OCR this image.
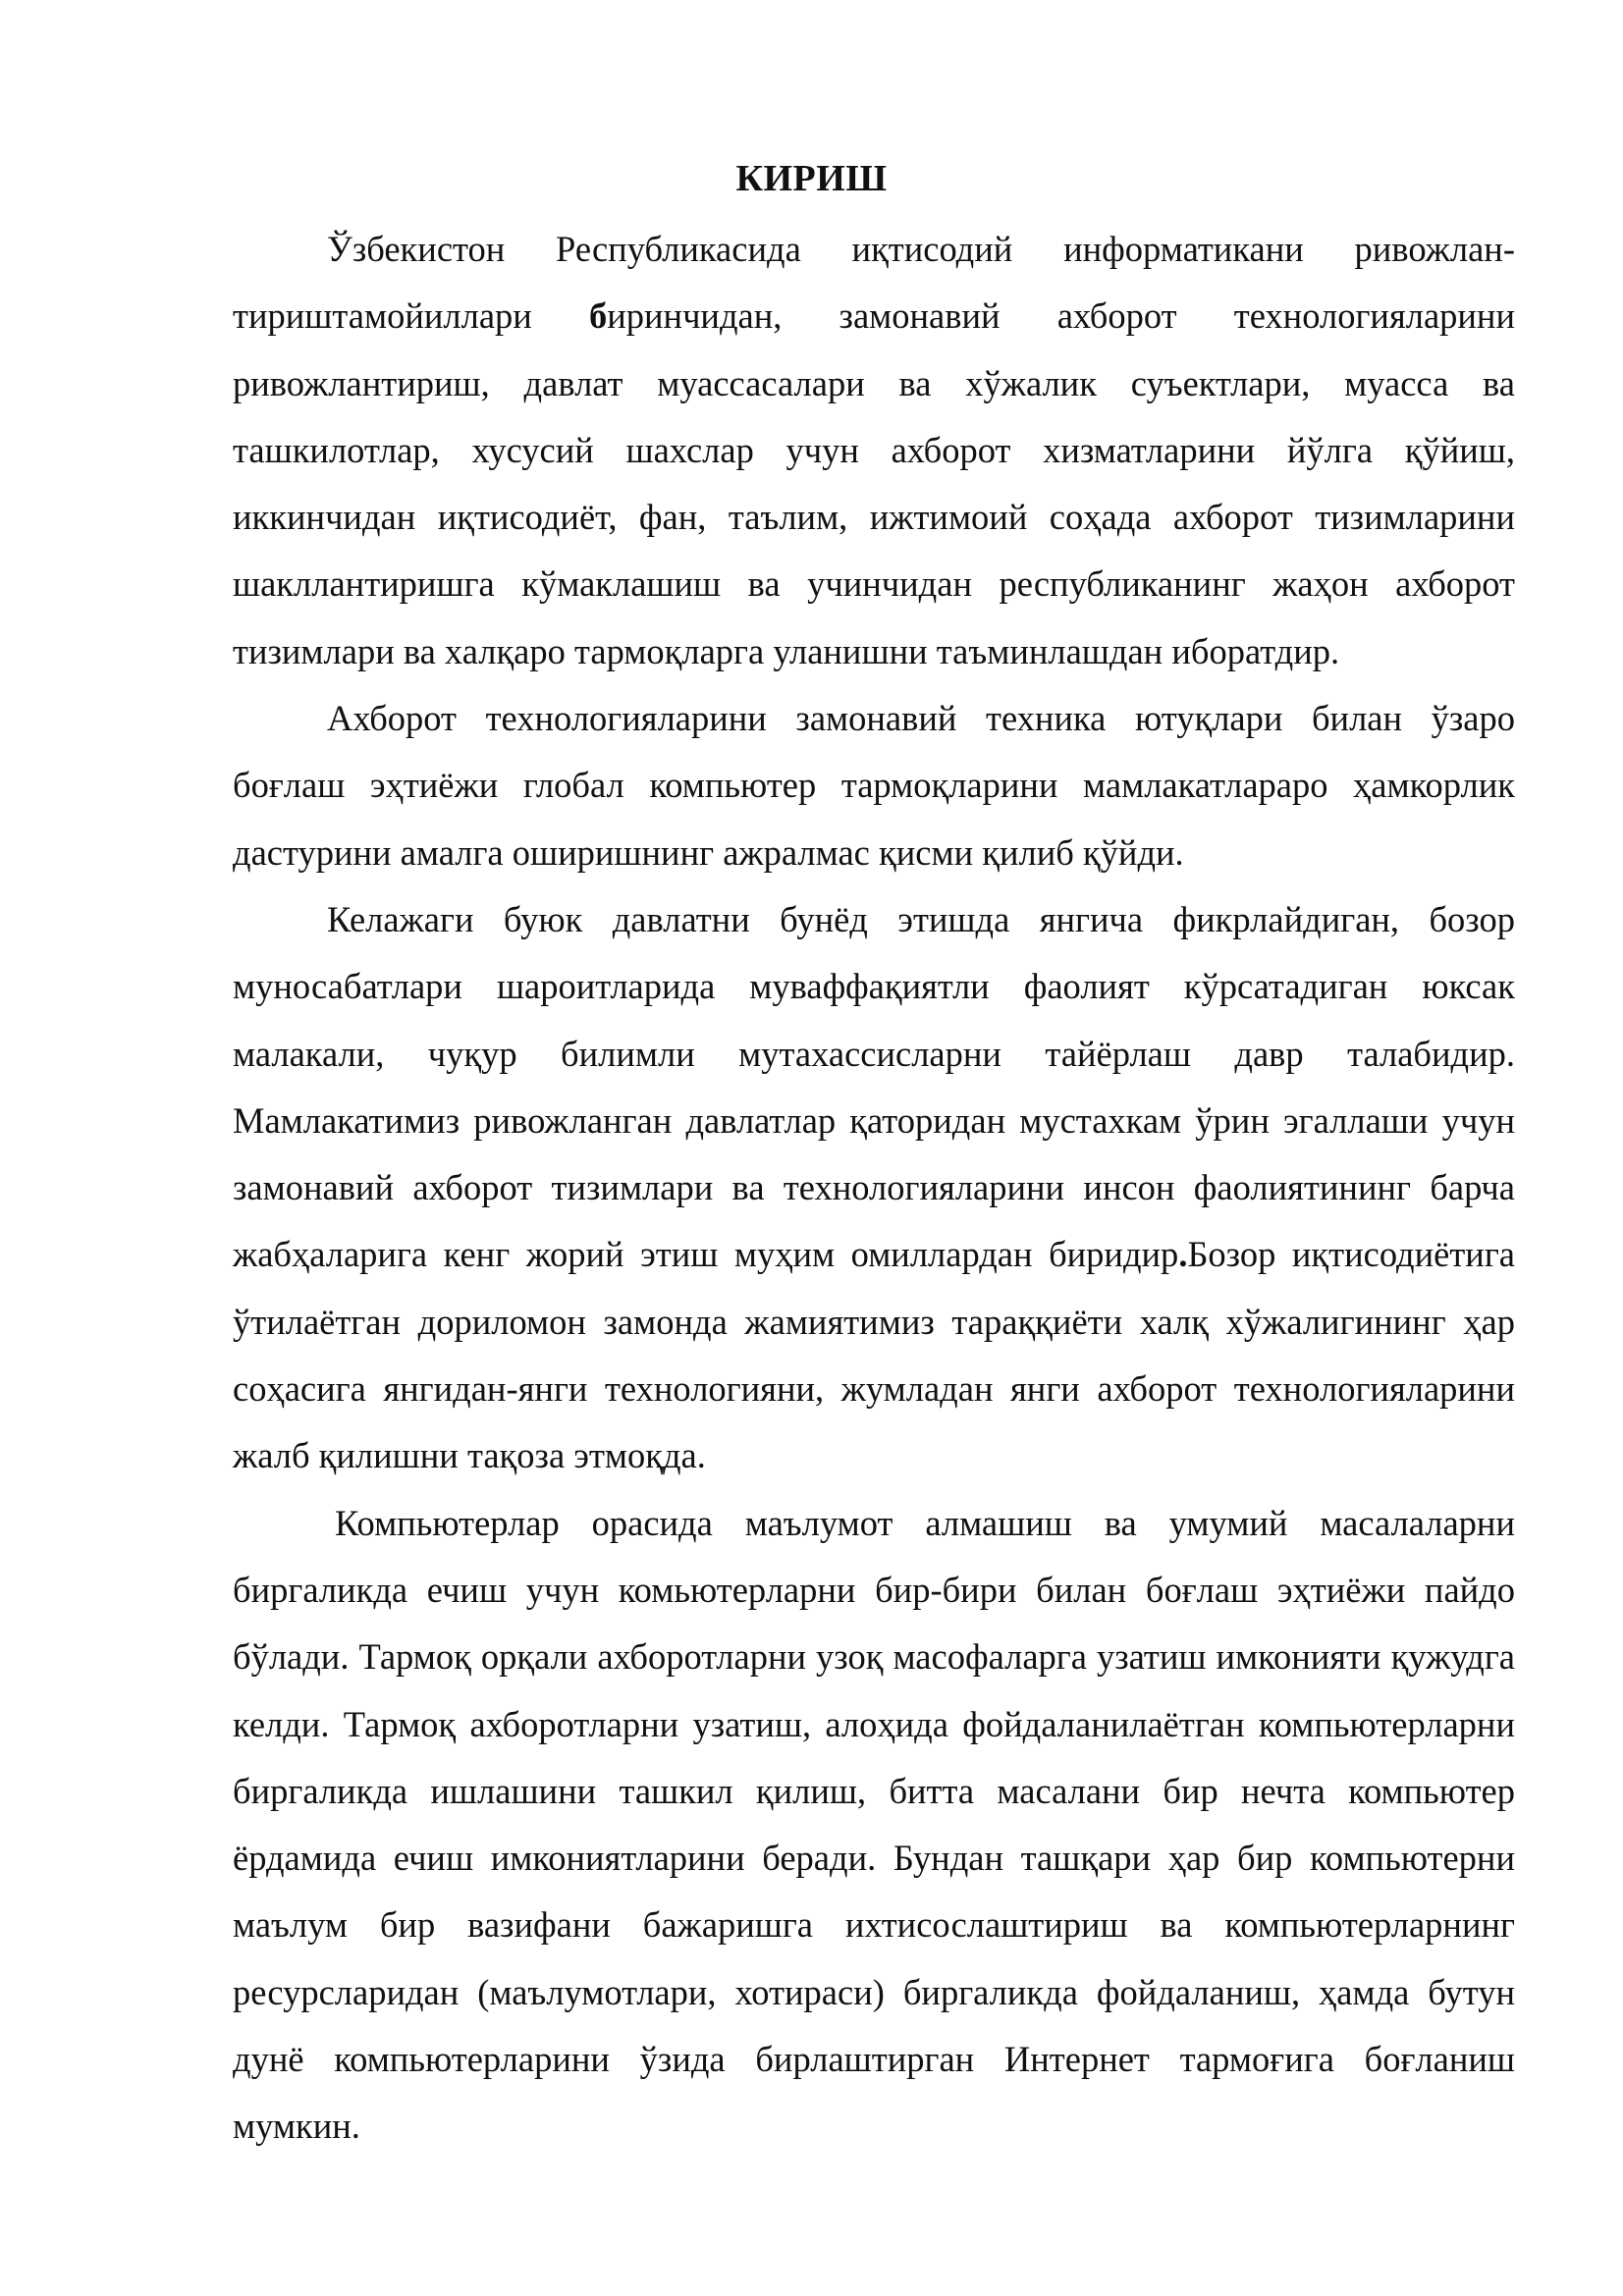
КИРИШ

Ўзбекистон Республикасида иқтисодий информатикани ривожлан-тириштамойиллари биринчидан, замонавий ахборот технологияларини ривожлантириш, давлат муассасалари ва хўжалик суъектлари, муасса ва ташкилотлар, хусусий шахслар учун ахборот хизматларини йўлга қўйиш, иккинчидан иқтисодиёт, фан, таълим, ижтимоий соҳада ахборот тизимларини шакллантиришга кўмаклашиш ва учинчидан республиканинг жаҳон ахборот тизимлари ва халқаро тармоқларга уланишни таъминлашдан иборатдир.

Ахборот технологияларини замонавий техника ютуқлари билан ўзаро боғлаш эҳтиёжи глобал компьютер тармоқларини мамлакатлараро ҳамкорлик дастурини амалга оширишнинг ажралмас қисми қилиб қўйди.

Келажаги буюк давлатни бунёд этишда янгича фикрлайдиган, бозор муносабатлари шароитларида муваффақиятли фаолият кўрсатадиган юксак малакали, чуқур билимли мутахассисларни тайёрлаш давр талабидир. Мамлакатимиз ривожланган давлатлар қаторидан мустахкам ўрин эгаллаши учун замонавий ахборот тизимлари ва технологияларини инсон фаолиятининг барча жабҳаларига кенг жорий этиш муҳим омиллардан биридир.Бозор иқтисодиётига ўтилаётган дориломон замонда жамиятимиз тараққиёти халқ хўжалигининг ҳар соҳасига янгидан-янги технологияни, жумладан янги ахборот технологияларини жалб қилишни тақоза этмоқда.

Компьютерлар орасида маълумот алмашиш ва умумий масалаларни биргаликда ечиш учун комьютерларни бир-бири билан боғлаш эҳтиёжи пайдо бўлади. Тармоқ орқали ахборотларни узоқ масофаларга узатиш имконияти қужудга келди. Тармоқ ахборотларни узатиш, алоҳида фойдаланилаётган компьютерларни биргаликда ишлашини ташкил қилиш, битта масалани бир нечта компьютер ёрдамида ечиш имкониятларини беради. Бундан ташқари ҳар бир компьютерни маълум бир вазифани бажаришга ихтисослаштириш ва компьютерларнинг ресурсларидан (маълумотлари, хотираси) биргаликда фойдаланиш, ҳамда бутун дунё компьютерларини ўзида бирлаштирган Интернет тармоғига боғланиш мумкин.
